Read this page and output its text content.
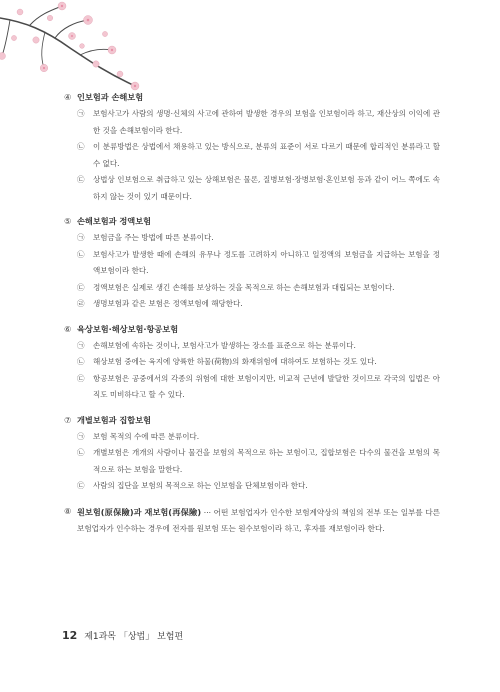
④ 인보험과 손해보험
㉠	보험사고가 사람의 생명·신체의 사고에 관하여 발생한 경우의 보험을 인보험이라 하고, 재산상의 이익에 관한 것을 손해보험이라 한다.
㉡	이 분류방법은 상법에서 채용하고 있는 방식으로, 분류의 표준이 서로 다르기 때문에 합리적인 분류라고 할 수 없다.
㉢	상법상 인보험으로 취급하고 있는 상해보험은 물론, 질병보험·장병보험·혼인보험 등과 같이 어느 쪽에도 속하지 않는 것이 있기 때문이다.
⑤ 손해보험과 정액보험
㉠	보험금을 주는 방법에 따른 분류이다.
㉡	보험사고가 발생한 때에 손해의 유무나 정도를 고려하지 아니하고 일정액의 보험금을 지급하는 보험을 정액보험이라 한다.
㉢	정액보험은 실제로 생긴 손해를 보상하는 것을 목적으로 하는 손해보험과 대립되는 보험이다.
㉣	생명보험과 같은 보험은 정액보험에 해당한다.
⑥ 육상보험·해상보험·항공보험
㉠	손해보험에 속하는 것이나, 보험사고가 발생하는 장소를 표준으로 하는 분류이다.
㉡	해상보험 중에는 육지에 양륙한 하물(荷物)의 화재위험에 대하여도 보험하는 것도 있다.
㉢	항공보험은 공중에서의 각종의 위험에 대한 보험이지만, 비교적 근년에 발달한 것이므로 각국의 입법은 아직도 미비하다고 할 수 있다.
⑦ 개별보험과 집합보험
㉠	보험 목적의 수에 따른 분류이다.
㉡	개별보험은 개개의 사람이나 물건을 보험의 목적으로 하는 보험이고, 집합보험은 다수의 물건을 보험의 목적으로 하는 보험을 말한다.
㉢	사람의 집단을 보험의 목적으로 하는 인보험을 단체보험이라 한다.
⑧ 원보험(原保險)과 재보험(再保險) ··· 어떤 보험업자가 인수한 보험계약상의 책임의 전부 또는 일부를 다른 보험업자가 인수하는 경우에 전자를 원보험 또는 원수보험이라 하고, 후자를 재보험이라 한다.
12 제1과목 「상법」 보험편
